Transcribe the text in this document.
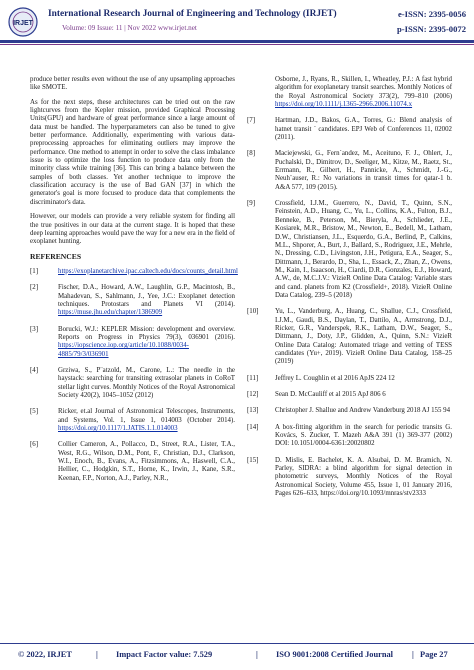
IRJET
International Research Journal of Engineering and Technology (IRJET)	e-ISSN: 2395-0056
Volume: 09 Issue: 11 | Nov 2022 www.irjet.net	p-ISSN: 2395-0072

produce better results even without the use of any upsampling approaches like SMOTE.

As for the next steps, these architectures can be tried out on the raw lightcurves from the Kepler mission, provided Graphical Processing Units(GPU) and hardware of great performance since a large amount of data must be handled. The hyperparameters can also be tuned to give better performance. Additionally, experimenting with various data-preprocessing approaches for eliminating outliers may improve the performance. One method to attempt in order to solve the class imbalance issue is to optimize the loss function to produce data only from the minority class while training [36]. This can bring a balance between the samples of both classes. Yet another technique to improve the classification accuracy is the use of Bad GAN [37] in which the generator's goal is more focused to produce data that complements the discriminator's data.

However, our models can provide a very reliable system for finding all the true positives in our data at the current stage. It is hoped that these deep learning approaches would pave the way for a new era in the field of exoplanet hunting.

REFERENCES
[1]	https://exoplanetarchive.ipac.caltech.edu/docs/counts_detail.html
[2]	Fischer, D.A., Howard, A.W., Laughlin, G.P., Macintosh, B., Mahadevan, S., Sahlmann, J., Yee, J.C.: Exoplanet detection techniques. Protostars and Planets VI (2014). https://muse.jhu.edu/chapter/1386909
[3]	Borucki, W.J.: KEPLER Mission: development and overview. Reports on Progress in Physics 79(3), 036901 (2016). https://iopscience.iop.org/article/10.1088/0034-4885/79/3/036901
[4]	Grziwa, S., P¨atzold, M., Carone, L.: The needle in the haystack: searching for transiting extrasolar planets in CoRoT stellar light curves. Monthly Notices of the Royal Astronomical Society 420(2), 1045–1052 (2012)
[5]	Ricker, et.al Journal of Astronomical Telescopes, Instruments, and Systems, Vol. 1, Issue 1, 014003 (October 2014). https://doi.org/10.1117/1.JATIS.1.1.014003
[6]	Collier Cameron, A., Pollacco, D., Street, R.A., Lister, T.A., West, R.G., Wilson, D.M., Pont, F., Christian, D.J., Clarkson, W.I., Enoch, B., Evans, A., Fitzsimmons, A., Haswell, C.A., Hellier, C., Hodgkin, S.T., Horne, K., Irwin, J., Kane, S.R., Keenan, F.P., Norton, A.J., Parley, N.R.,
Osborne, J., Ryans, R., Skillen, I., Wheatley, P.J.: A fast hybrid algorithm for exoplanetary transit searches. Monthly Notices of the Royal Astronomical Society 373(2), 799–810 (2006) https://doi.org/10.1111/j.1365-2966.2006.11074.x
[7]	Hartman, J.D., Bakos, G.A., Torres, G.: Blend analysis of hatnet transit ´ candidates. EPJ Web of Conferences 11, 02002 (2011).
[8]	Maciejewski, G., Fern´andez, M., Aceituno, F. J., Ohlert, J., Puchalski, D., Dimitrov, D., Seeliger, M., Kitze, M., Raetz, St., Errmann, R., Gilbert, H., Pannicke, A., Schmidt, J.-G., Neuh¨auser, R.: No variations in transit times for qatar-1 b. A&A 577, 109 (2015).
[9]	Crossfield, I.J.M., Guerrero, N., David, T., Quinn, S.N., Feinstein, A.D., Huang, C., Yu, L., Collins, K.A., Fulton, B.J., Benneke, B., Peterson, M., Bieryla, A., Schlieder, J.E., Kosiarek, M.R., Bristow, M., Newton, E., Bedell, M., Latham, D.W., Christiansen, J.L., Esquerdo, G.A., Berlind, P., Calkins, M.L., Shporer, A., Burt, J., Ballard, S., Rodriguez, J.E., Mehrle, N., Dressing, C.D., Livingston, J.H., Petigura, E.A., Seager, S., Dittmann, J., Berardo, D., Sha, L., Essack, Z., Zhan, Z., Owens, M., Kain, I., Isaacson, H., Ciardi, D.R., Gonzales, E.J., Howard, A.W., de, M.C.J.V.: VizieR Online Data Catalog: Variable stars and cand. planets from K2 (Crossfield+, 2018). VizieR Online Data Catalog, 239–5 (2018)
[10] Yu, L., Vanderburg, A., Huang, C., Shallue, C.J., Crossfield, I.J.M., Gaudi, B.S., Daylan, T., Dattilo, A., Armstrong, D.J., Ricker, G.R., Vanderspek, R.K., Latham, D.W., Seager, S., Dittmann, J., Doty, J.P., Glidden, A., Quinn, S.N.: VizieR Online Data Catalog: Automated triage and vetting of TESS candidates (Yu+, 2019). VizieR Online Data Catalog, 158–25 (2019)
[11] Jeffrey L. Coughlin et al 2016 ApJS 224 12
[12] Sean D. McCauliff et al 2015 ApJ 806 6
[13] Christopher J. Shallue and Andrew Vanderburg 2018 AJ 155 94
[14] A box-fitting algorithm in the search for periodic transits G. Kovács, S. Zucker, T. Mazeh A&A 391 (1) 369-377 (2002) DOI: 10.1051/0004-6361:20020802
[15] D. Mislis, E. Bachelet, K. A. Alsubai, D. M. Bramich, N. Parley, SIDRA: a blind algorithm for signal detection in photometric surveys, Monthly Notices of the Royal Astronomical Society, Volume 455, Issue 1, 01 January 2016, Pages 626–633, https://doi.org/10.1093/mnras/stv2333
© 2022, IRJET	| Impact Factor value: 7.529	| ISO 9001:2008 Certified Journal | Page 27
